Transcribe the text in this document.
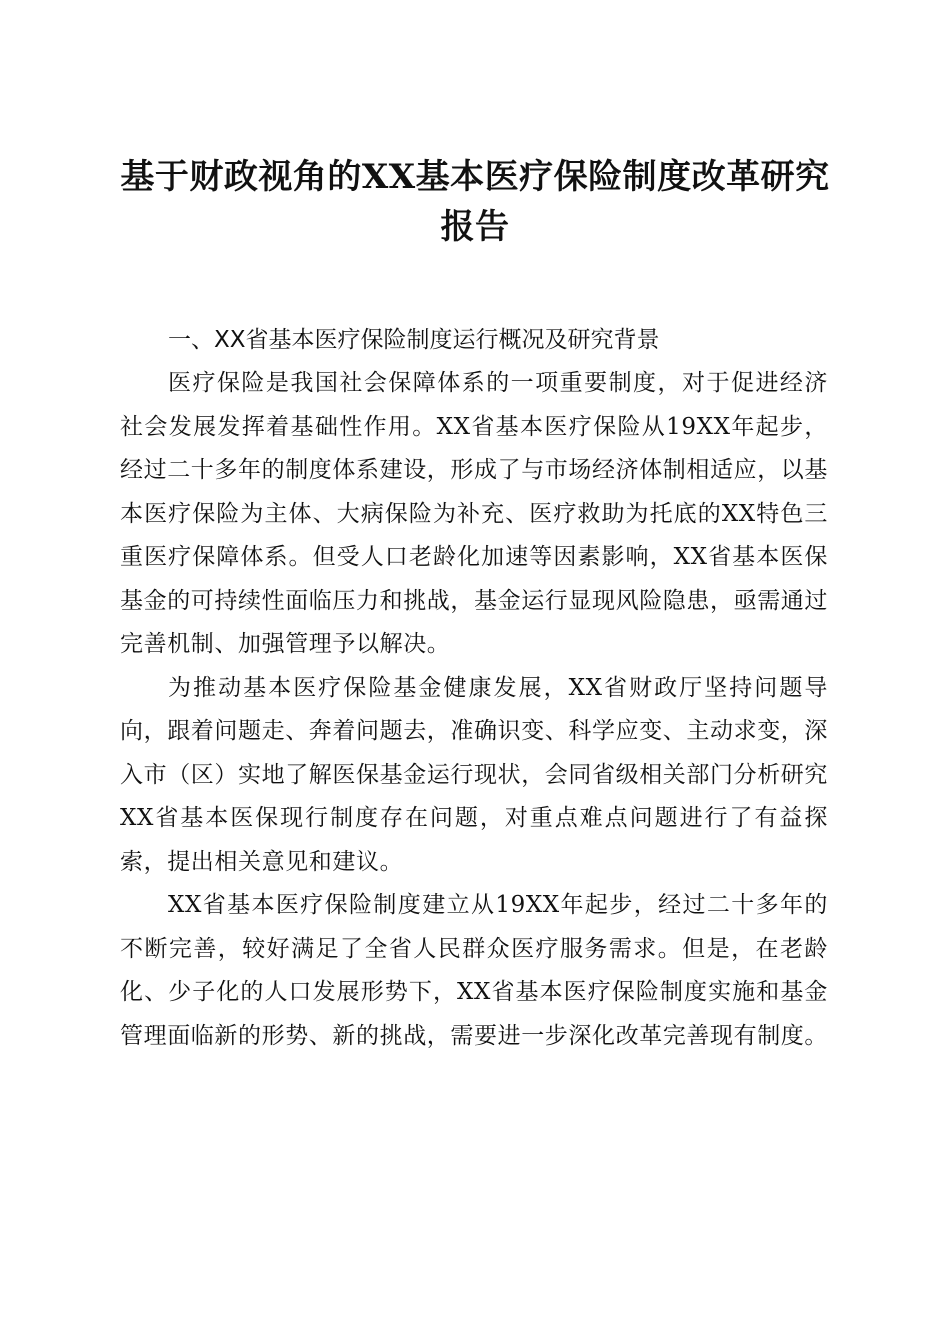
基于财政视角的XX基本医疗保险制度改革研究报告
一、XX省基本医疗保险制度运行概况及研究背景

医疗保险是我国社会保障体系的一项重要制度，对于促进经济社会发展发挥着基础性作用。XX省基本医疗保险从19XX年起步，经过二十多年的制度体系建设，形成了与市场经济体制相适应，以基本医疗保险为主体、大病保险为补充、医疗救助为托底的XX特色三重医疗保障体系。但受人口老龄化加速等因素影响，XX省基本医保基金的可持续性面临压力和挑战，基金运行显现风险隐患，亟需通过完善机制、加强管理予以解决。

为推动基本医疗保险基金健康发展，XX省财政厅坚持问题导向，跟着问题走、奔着问题去，准确识变、科学应变、主动求变，深入市（区）实地了解医保基金运行现状，会同省级相关部门分析研究XX省基本医保现行制度存在问题，对重点难点问题进行了有益探索，提出相关意见和建议。

XX省基本医疗保险制度建立从19XX年起步，经过二十多年的不断完善，较好满足了全省人民群众医疗服务需求。但是，在老龄化、少子化的人口发展形势下，XX省基本医疗保险制度实施和基金管理面临新的形势、新的挑战，需要进一步深化改革完善现有制度。
